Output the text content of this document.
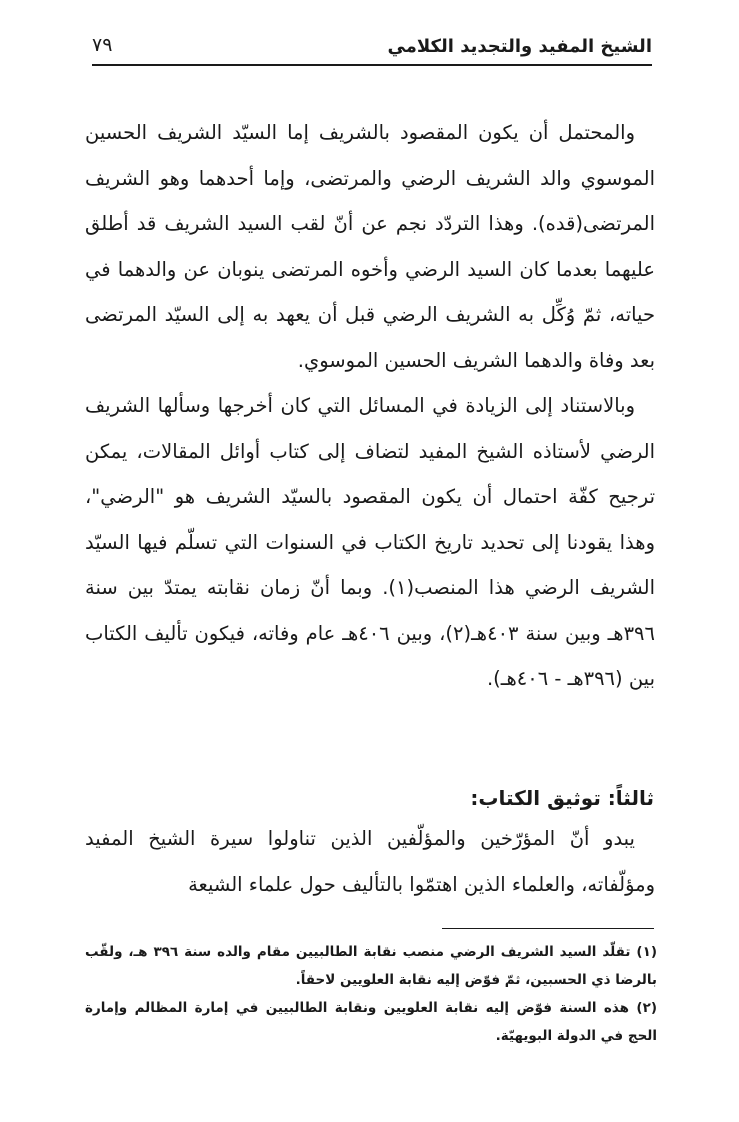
الشيخ المفيد والتجديد الكلامي
٧٩

والمحتمل أن يكون المقصود بالشريف إما السيّد الشريف الحسين الموسوي والد الشريف الرضي والمرتضى، وإما أحدهما وهو الشريف المرتضى(قده). وهذا التردّد نجم عن أنّ لقب السيد الشريف قد أطلق عليهما بعدما كان السيد الرضي وأخوه المرتضى ينوبان عن والدهما في حياته، ثمّ وُكِّل به الشريف الرضي قبل أن يعهد به إلى السيّد المرتضى بعد وفاة والدهما الشريف الحسين الموسوي.

وبالاستناد إلى الزيادة في المسائل التي كان أخرجها وسألها الشريف الرضي لأستاذه الشيخ المفيد لتضاف إلى كتاب أوائل المقالات، يمكن ترجيح كفّة احتمال أن يكون المقصود بالسيّد الشريف هو "الرضي"، وهذا يقودنا إلى تحديد تاريخ الكتاب في السنوات التي تسلّم فيها السيّد الشريف الرضي هذا المنصب(١). وبما أنّ زمان نقابته يمتدّ بين سنة ٣٩٦هـ وبين سنة ٤٠٣هـ(٢)، وبين ٤٠٦هـ عام وفاته، فيكون تأليف الكتاب بين (٣٩٦هـ - ٤٠٦هـ).

ثالثاً: توثيق الكتاب:

يبدو أنّ المؤرّخين والمؤلّفين الذين تناولوا سيرة الشيخ المفيد ومؤلّفاته، والعلماء الذين اهتمّوا بالتأليف حول علماء الشيعة

(١) تقلّد السيد الشريف الرضي منصب نقابة الطالبيين مقام والده سنة ٣٩٦ هـ، ولقّب بالرضا ذي الحسبين، ثمّ فوّض إليه نقابة العلويين لاحقاً.

(٢) هذه السنة فوّض إليه نقابة العلويين ونقابة الطالبيين في إمارة المظالم وإمارة الحج في الدولة البويهيّة.
